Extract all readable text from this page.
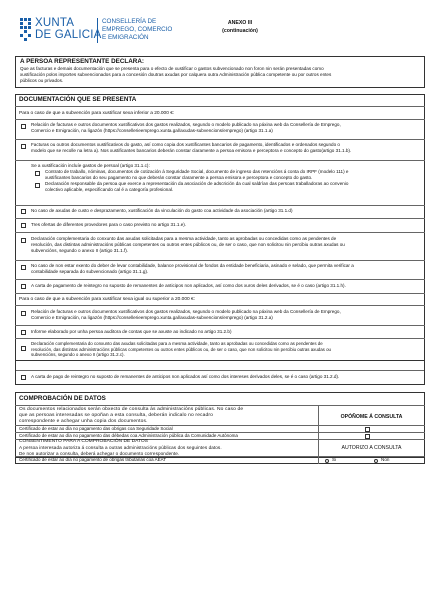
XUNTA
DE GALICIA
CONSELLERÍA DE
EMPREGO, COMERCIO
E EMIGRACIÓN
ANEXO III
(continuación)
A PERSOA REPRESENTANTE DECLARA:
Que as facturas e demais documentación que se presenta para o efecto de xustificar o gastos subvencionado non foron nin serán presentadas como
xustificación polos importes subvencionados para a concesión doutras axudas por calquera outra Administración pública competente ou por outros entes
públicos ou privados.
DOCUMENTACIÓN QUE SE PRESENTA
Para o caso de que a subvención para xustificar sexa inferior a 20.000 €:
Relación de facturas e outros documentos xustificativos dos gastos realizados, segundo o modelo publicado na páxina web da Consellería de Emprego,
Comercio e Emigración, na ligazón (https://consellerieemprego.xunta.gal/axudas-subvencions/emprego) (artigo 31.1.a)
Facturas ou outros documentos xustificativos do gasto, así como copia dos xustificantes bancarios de pagamento, identificados e ordenados segundo o
modelo que se recolle na letra a). Nos xustificantes bancarios deberán constar claramente a persoa emisora e perceptora e concepto do gasto(artigo 31.1.b).
Se a xustificación incluíe gastos de persoal (artigo 31.1.c):
Contrato de traballo, nóminas, documentos de cotización á Seguridade Social, documento de ingreso das retencións á conta do IRPF (modelo 111) e
xustificantes bancarios do seu pagamento no que deberán constar claramente a persoa emisora e perceptora e concepto do gasto.
Declaración responsable da persoa que exerce a representación da asociación de adscrición da cual saldrían das persoas traballadoras ao convenio
colectivo aplicable, especificando cal é a categoría profesional.
No caso de axudas de custo e desprazamento, xustificación da vinculación do gasto coa actividade da asociación (artigo 31.1.d)
Tres ofertas de diferentes provedores para o caso previsto no artigo 31.1.e).
Declaración complementaria do conxunto das axudas solicitadas para a mesma actividade, tanto as aprobadas ou concedidas como as pendentes de
resolución, das distintas administracións públicas competentes ou outros entes públicos ou, de ser o caso, que non solicitou nin percibiu outras axudas ou
subvencións, segundo o anexo II (artigo 31.1.f).
No caso de non estar exento do deber de levar contabilidade, balance provisional de fondos da entidade beneficiaria, asinado e selado, que permita verificar a
contabilidade separada do subvencionado (artigo 31.1.g).
A carta de pagamento de reintegro no suposto de remanentes de anticipos non aplicados, así como dos xuros deles derivados, se é o caso (artigo 31.1.h).
Para o caso de que a subvención para xustificar sexa igual ou superior a 20.000 €:
Relación de facturas e outros documentos xustificativos dos gastos realizados, segundo o modelo publicado na páxina web da Consellería de Emprego,
Comercio e Emigración, na ligazón (https://consellerieemprego.xunta.gal/axudas-subvencions/emprego) (artigo 31.2.a)
Informe elaborado por unha persoa auditora de contas que se axuste ao indicado no artigo 31.2.b)
Declaración complementaria do conxunto das axudas solicitadas para a mesma actividade, tanto as aprobadas ou concedidas como as pendentes de
resolución, das distintas administracións públicas competentes ou outros entes públicos ou, de ser o caso, que non solicitou nin percibiu outras axudas ou
subvencións, segundo o anexo II (artigo 31.2.c).
A carta de pago de reintegro no suposto de remanentes de anticipos non aplicados así como dos intereses derivados deles, se é o caso (artigo 31.2.d).
COMPROBACIÓN DE DATOS
Os documentos relacionados serán obxecto de consulta ás administracións públicas. No caso de
que as persoas interesadas se opoñan a esta consulta, deberán indicalo no recadro
correspondente e achegar unha copia dos documentos.
OPÓÑOME Á CONSULTA
Certificado de estar ao día no pagamento das obrigas coa Seguridade Social
Certificado de estar ao día no pagamento das débedas coa Administración pública da Comunidade Autónoma
CONSENTIMENTO PARA A COMPROBACIÓN DE DATOS
A persoa interesada autoriza á consulta a outras administracións públicas dos seguintes datos.
De non autorizar a consulta, deberá achegar o documento correspondente.
AUTORIZO A CONSULTA
Certificado de estar ao día no pagamento de obrigas tributarias coa AEAT	Si	Non
